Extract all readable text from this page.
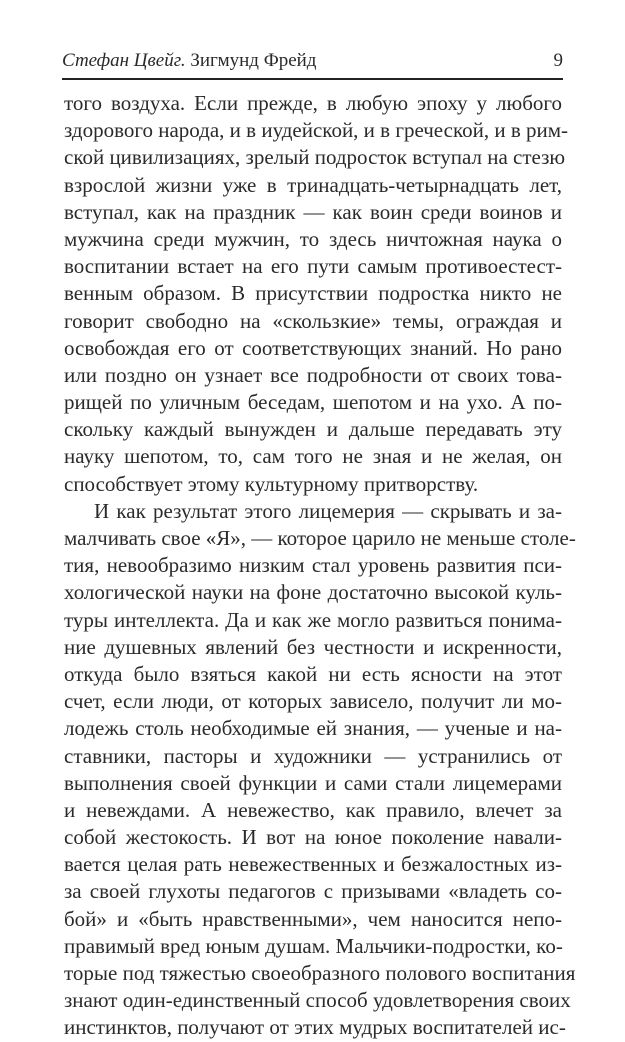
Стефан Цвейг. Зигмунд Фрейд	9
того воздуха. Если прежде, в любую эпоху у любого
здорового народа, и в иудейской, и в греческой, и в рим-
ской цивилизациях, зрелый подросток вступал на стезю
взрослой жизни уже в тринадцать-четырнадцать лет,
вступал, как на праздник — как воин среди воинов и
мужчина среди мужчин, то здесь ничтожная наука о
воспитании встает на его пути самым противоестест-
венным образом. В присутствии подростка никто не
говорит свободно на «скользкие» темы, ограждая и
освобождая его от соответствующих знаний. Но рано
или поздно он узнает все подробности от своих това-
рищей по уличным беседам, шепотом и на ухо. А по-
скольку каждый вынужден и дальше передавать эту
науку шепотом, то, сам того не зная и не желая, он
способствует этому культурному притворству.
И как результат этого лицемерия — скрывать и за-
малчивать свое «Я», — которое царило не меньше столе-
тия, невообразимо низким стал уровень развития пси-
хологической науки на фоне достаточно высокой куль-
туры интеллекта. Да и как же могло развиться понима-
ние душевных явлений без честности и искренности,
откуда было взяться какой ни есть ясности на этот
счет, если люди, от которых зависело, получит ли мо-
лодежь столь необходимые ей знания, — ученые и на-
ставники, пасторы и художники — устранились от
выполнения своей функции и сами стали лицемерами
и невеждами. А невежество, как правило, влечет за
собой жестокость. И вот на юное поколение навали-
вается целая рать невежественных и безжалостных из-
за своей глухоты педагогов с призывами «владеть со-
бой» и «быть нравственными», чем наносится непо-
правимый вред юным душам. Мальчики-подростки, ко-
торые под тяжестью своеобразного полового воспитания
знают один-единственный способ удовлетворения своих
инстинктов, получают от этих мудрых воспитателей ис-
